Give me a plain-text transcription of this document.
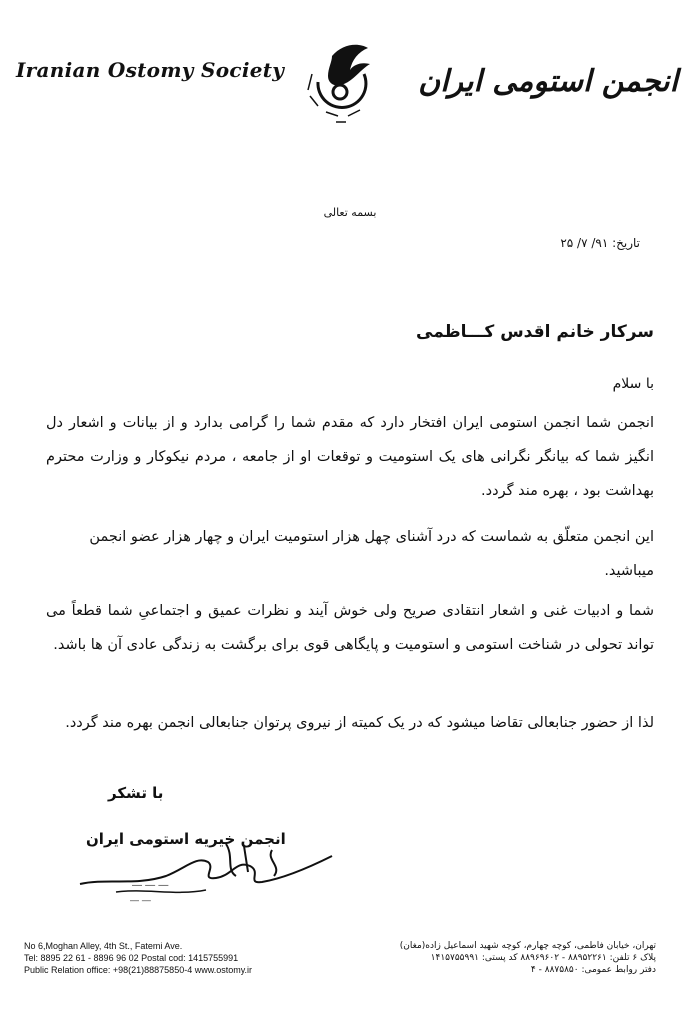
Iranian Ostomy Society	انجمن استومی ایران
بسمه تعالی
تاریخ: ۹۱/ ۷/ ۲۵
سرکار خانم اقدس کـــاظمی
با سلام
انجمن شما انجمن استومی ایران افتخار دارد که مقدم شما را گرامی بدارد و از بیانات و اشعار دل انگیز شما که بیانگر نگرانی های یک استومیت و توقعات او از جامعه ، مردم نیکوکار و وزارت محترم بهداشت بود ، بهره مند گردد.
این انجمن متعلّق به شماست که درد آشنای چهل هزار استومیت ایران و چهار هزار عضو انجمن میباشید.
شما و ادبیات غنی و اشعار انتقادی صریح ولی خوش آیند و نظرات عمیق و اجتماعیِ شما قطعاً می تواند تحولی در شناخت استومی و استومیت و پایگاهی قوی برای برگشت به زندگی عادی آن ها باشد.
لذا از حضور جنابعالی تقاضا میشود که در یک کمیته از نیروی پرتوان جنابعالی انجمن بهره مند گردد.
با تشکر
انجمن خیریه استومی ایران
― ― ―
― ―
No 6,Moghan Alley, 4th St., Fatemi Ave.
Tel: 8895 22 61 - 8896 96 02 Postal cod: 1415755991
Public Relation office: +98(21)88875850-4 www.ostomy.ir
تهران، خیابان فاطمی، کوچه چهارم، کوچه شهید اسماعیل زاده(مغان)
پلاک ۶ تلفن: ۸۸۹۵۲۲۶۱ - ۸۸۹۶۹۶۰۲ کد پستی: ۱۴۱۵۷۵۵۹۹۱
دفتر روابط عمومی: ۸۸۷۵۸۵۰ - ۴
